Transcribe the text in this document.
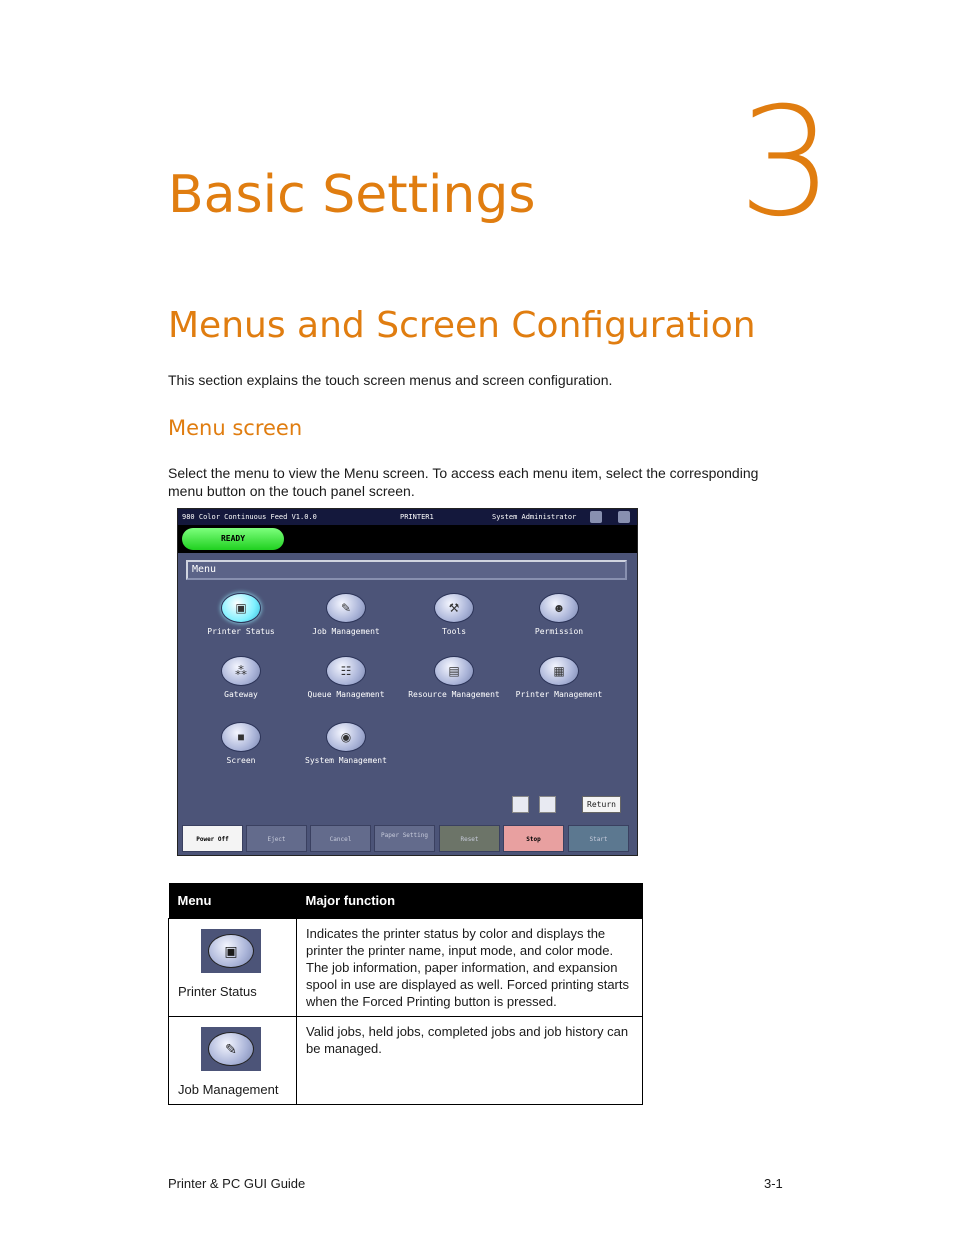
3
Basic Settings
Menus and Screen Configuration
This section explains the touch screen menus and screen configuration.
Menu screen
Select the menu to view the Menu screen. To access each menu item, select the corresponding menu button on the touch panel screen.
980 Color Continuous Feed V1.0.0	PRINTER1	System Administrator
READY
Menu
▣
Printer Status
✎
Job Management
⚒
Tools
☻
Permission
⁂
Gateway
☷
Queue Management
▤
Resource Management
▦
Printer Management
■
Screen
◉
System Management
Return
Power Off	Eject	Cancel
Paper Setting
Reset	Stop	Start
Menu	Major function

▣
Printer Status	Indicates the printer status by color and displays the printer the printer name, input mode, and color mode. The job information, paper information, and expansion spool in use are displayed as well. Forced printing starts when the Forced Printing button is pressed.

✎
Job Management	Valid jobs, held jobs, completed jobs and job history can be managed.
Printer & PC GUI Guide	3-1
